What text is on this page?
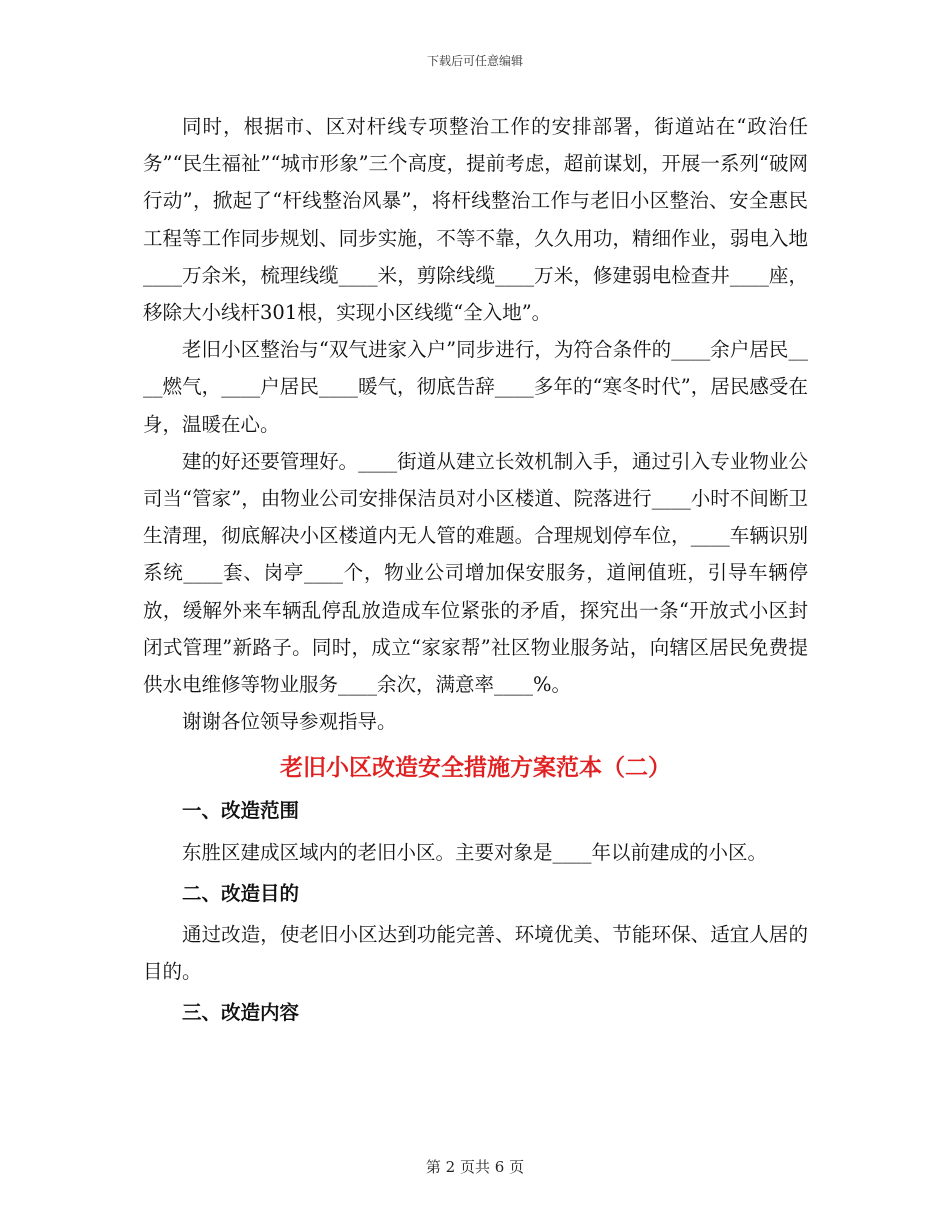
下载后可任意编辑

同时，根据市、区对杆线专项整治工作的安排部署，街道站在“政治任务”“民生福祉”“城市形象”三个高度，提前考虑，超前谋划，开展一系列“破网行动”，掀起了“杆线整治风暴”，将杆线整治工作与老旧小区整治、安全惠民工程等工作同步规划、同步实施，不等不靠，久久用功，精细作业，弱电入地____万余米，梳理线缆____米，剪除线缆____万米，修建弱电检查井____座，移除大小线杆301根，实现小区线缆“全入地”。

老旧小区整治与“双气进家入户”同步进行，为符合条件的____余户居民____燃气，____户居民____暖气，彻底告辞____多年的“寒冬时代”，居民感受在身，温暖在心。

建的好还要管理好。____街道从建立长效机制入手，通过引入专业物业公司当“管家”，由物业公司安排保洁员对小区楼道、院落进行____小时不间断卫生清理，彻底解决小区楼道内无人管的难题。合理规划停车位，____车辆识别系统____套、岗亭____个，物业公司增加保安服务，道闸值班，引导车辆停放，缓解外来车辆乱停乱放造成车位紧张的矛盾，探究出一条“开放式小区封闭式管理”新路子。同时，成立“家家帮”社区物业服务站，向辖区居民免费提供水电维修等物业服务____余次，满意率____%。

谢谢各位领导参观指导。

老旧小区改造安全措施方案范本（二）
一、改造范围

东胜区建成区域内的老旧小区。主要对象是____年以前建成的小区。

二、改造目的

通过改造，使老旧小区达到功能完善、环境优美、节能环保、适宜人居的目的。

三、改造内容
第 2 页共 6 页
